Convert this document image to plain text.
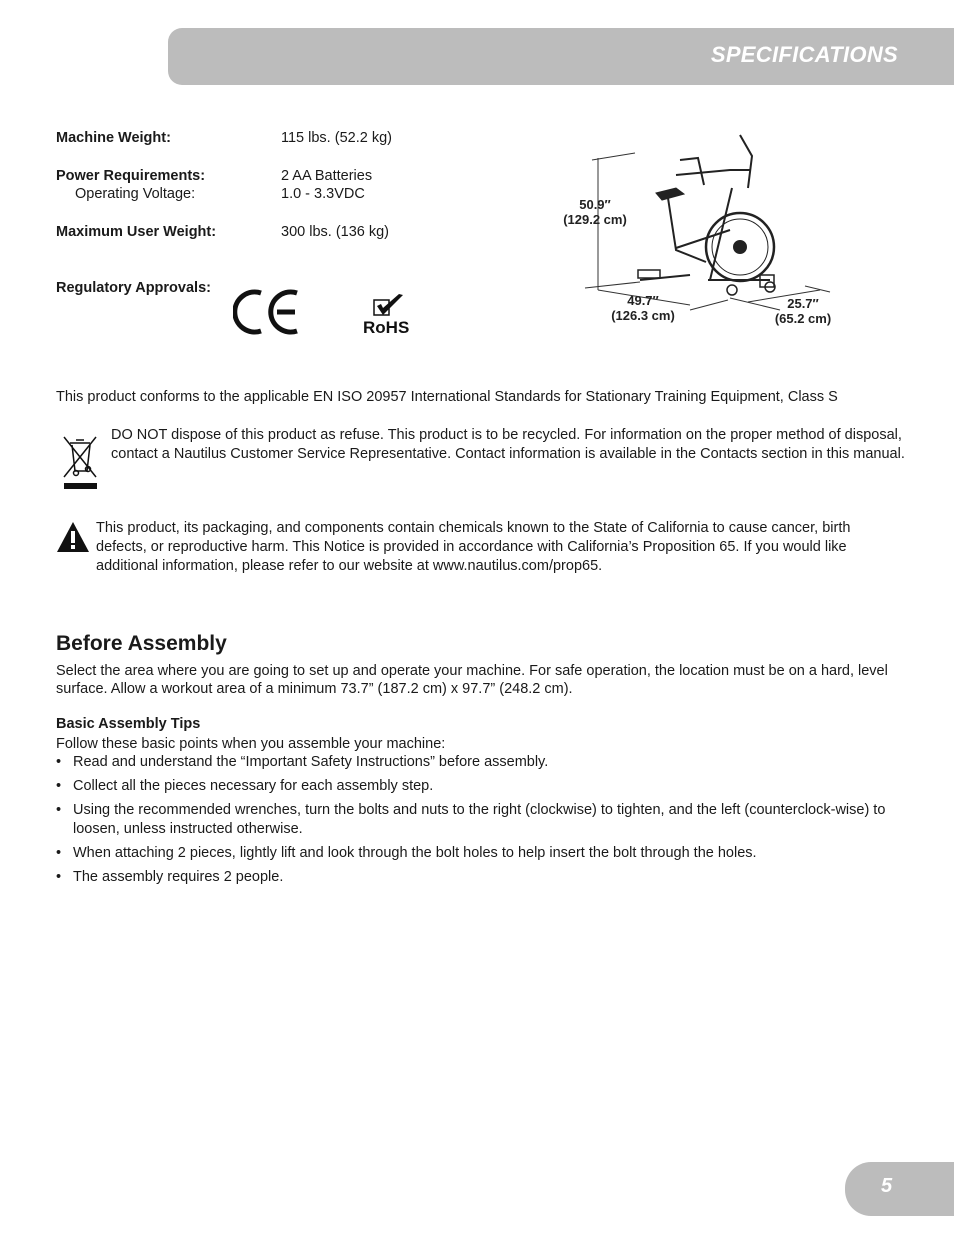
SPECIFICATIONS
Machine Weight:	115 lbs. (52.2 kg)
Power Requirements:	2 AA Batteries
Operating Voltage:	1.0 - 3.3VDC
Maximum User Weight:	300 lbs. (136 kg)
Regulatory Approvals:
RoHS
50.9″
(129.2 cm)
49.7″
(126.3 cm)
25.7″
(65.2 cm)
This product conforms to the applicable EN ISO 20957 International Standards for Stationary Training Equipment, Class S
DO NOT dispose of this product as refuse. This product is to be recycled. For information on the proper method of disposal, contact a Nautilus Customer Service Representative. Contact information is available in the Contacts section in this manual.
This product, its packaging, and components contain chemicals known to the State of California to cause cancer, birth defects, or reproductive harm. This Notice is provided in accordance with California’s Proposition 65. If you would like additional information, please refer to our website at www.nautilus.com/prop65.
Before Assembly
Select the area where you are going to set up and operate your machine. For safe operation, the location must be on a hard, level surface. Allow a workout area of a minimum 73.7” (187.2 cm) x 97.7” (248.2 cm).
Basic Assembly Tips
Follow these basic points when you assemble your machine:
• Read and understand the “Important Safety Instructions” before assembly.
• Collect all the pieces necessary for each assembly step.
• Using the recommended wrenches, turn the bolts and nuts to the right (clockwise) to tighten, and the left (counterclock-wise) to loosen, unless instructed otherwise.
• When attaching 2 pieces, lightly lift and look through the bolt holes to help insert the bolt through the holes.
• The assembly requires 2 people.
5
